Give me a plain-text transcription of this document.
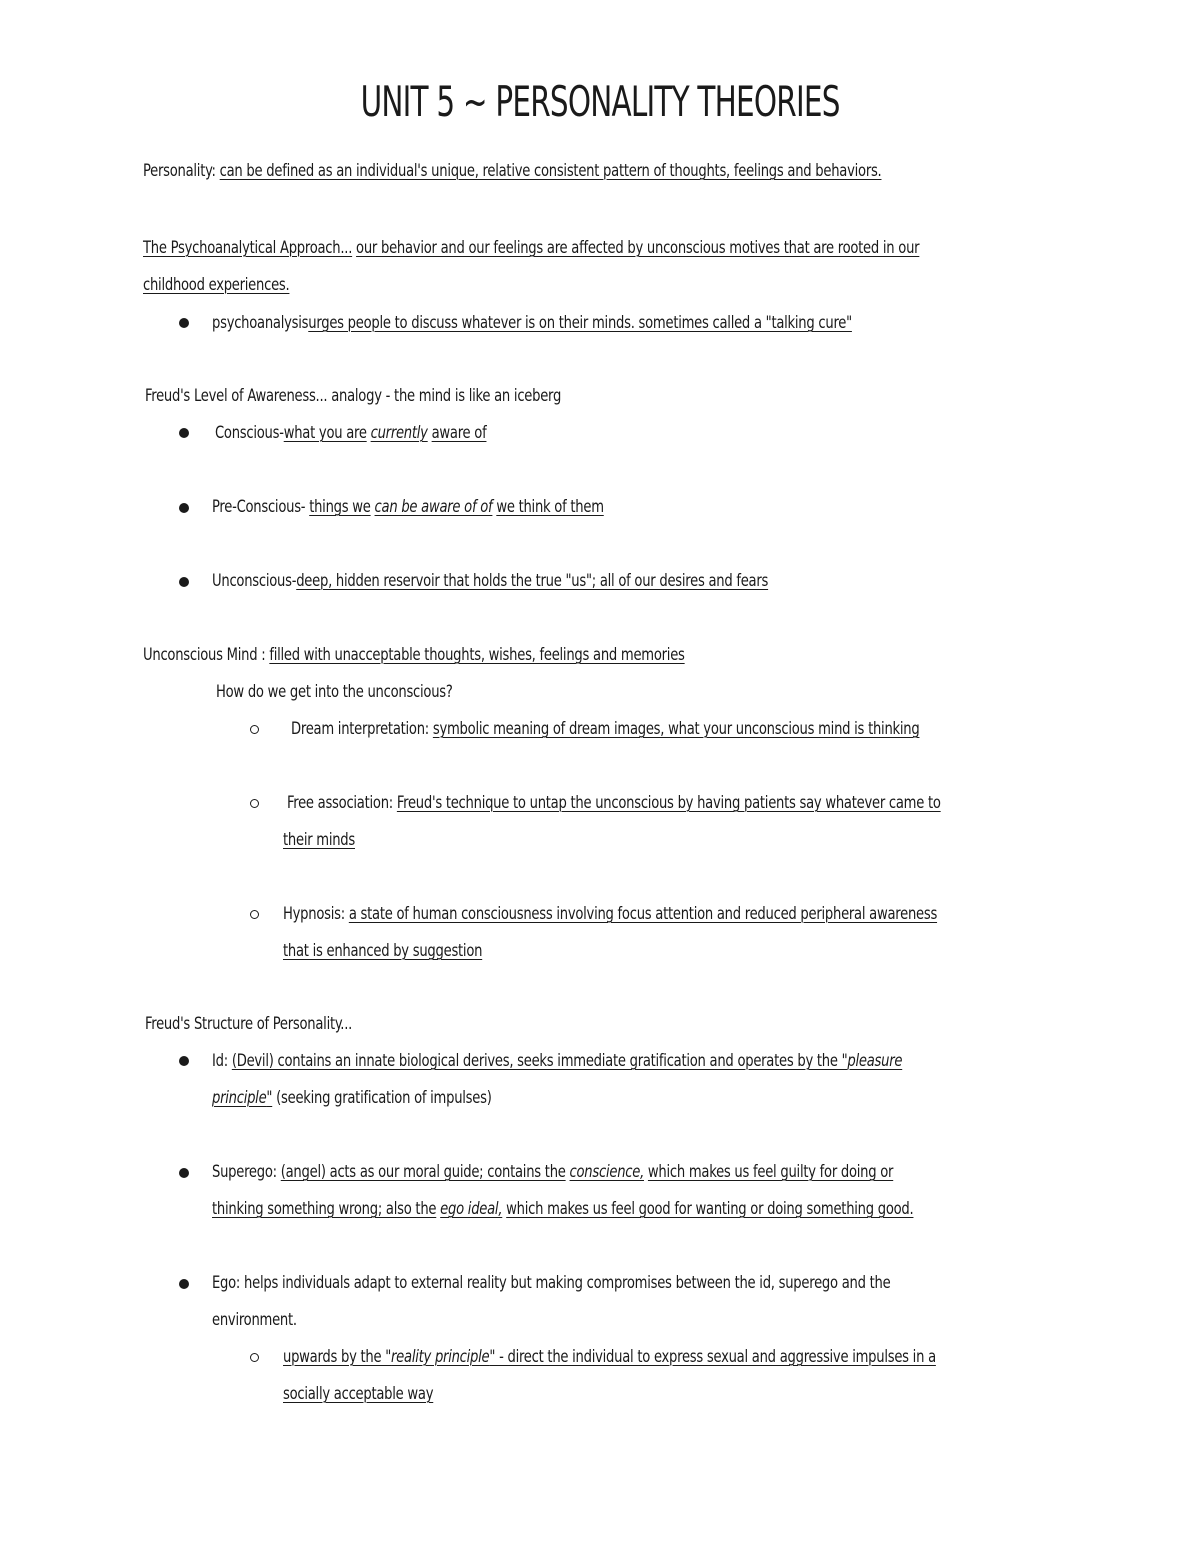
UNIT 5 ~ PERSONALITY THEORIES
Personality: can be defined as an individual's unique, relative consistent pattern of thoughts, feelings and behaviors.
The Psychoanalytical Approach... our behavior and our feelings are affected by unconscious motives that are rooted in our
childhood experiences.
psychoanalysisurges people to discuss whatever is on their minds. sometimes called a "talking cure"
Freud's Level of Awareness... analogy - the mind is like an iceberg
Conscious-what you are currently aware of
Pre-Conscious- things we can be aware of of we think of them
Unconscious-deep, hidden reservoir that holds the true "us"; all of our desires and fears
Unconscious Mind : filled with unacceptable thoughts, wishes, feelings and memories
How do we get into the unconscious?
Dream interpretation: symbolic meaning of dream images, what your unconscious mind is thinking
Free association: Freud's technique to untap the unconscious by having patients say whatever came to
their minds
Hypnosis: a state of human consciousness involving focus attention and reduced peripheral awareness
that is enhanced by suggestion
Freud's Structure of Personality...
Id: (Devil) contains an innate biological derives, seeks immediate gratification and operates by the "pleasure
principle" (seeking gratification of impulses)
Superego: (angel) acts as our moral guide; contains the conscience, which makes us feel guilty for doing or
thinking something wrong; also the ego ideal, which makes us feel good for wanting or doing something good.
Ego: helps individuals adapt to external reality but making compromises between the id, superego and the
environment.
upwards by the "reality principle" - direct the individual to express sexual and aggressive impulses in a
socially acceptable way
